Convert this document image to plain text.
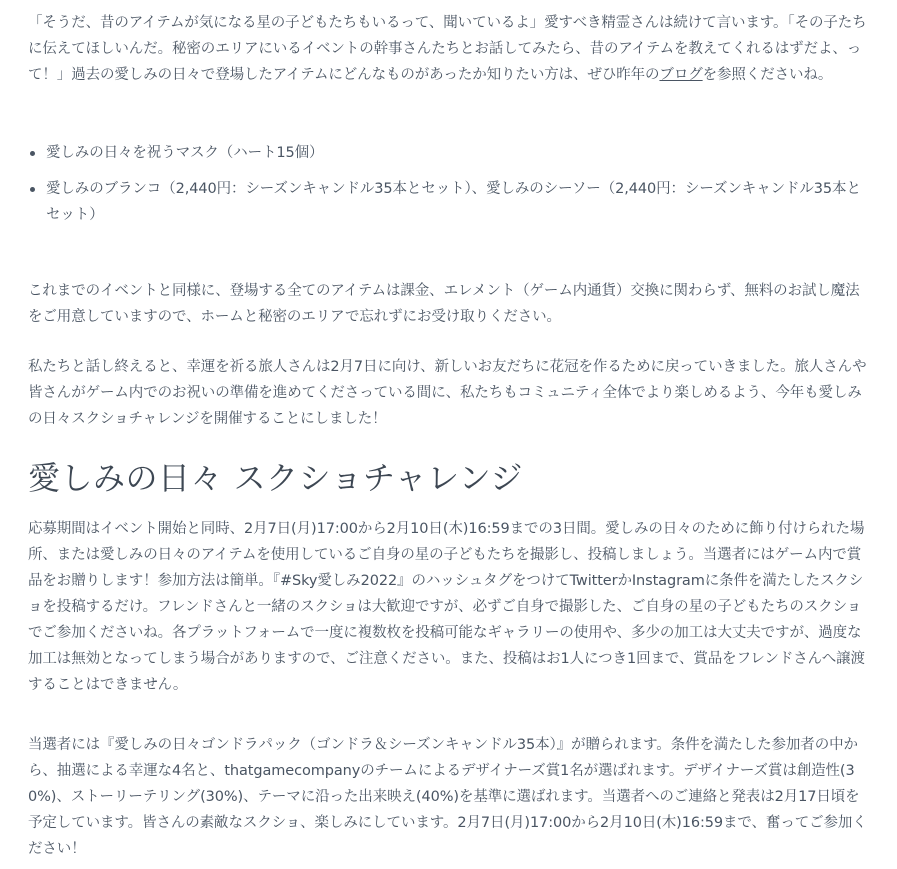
「そうだ、昔のアイテムが気になる星の子どもたちもいるって、聞いているよ」愛すべき精霊さんは続けて言います。「その子たちに伝えてほしいんだ。秘密のエリアにいるイベントの幹事さんたちとお話してみたら、昔のアイテムを教えてくれるはずだよ、って！」過去の愛しみの日々で登場したアイテムにどんなものがあったか知りたい方は、ぜひ昨年のブログを参照くださいね。

愛しみの日々を祝うマスク（ハート15個）
愛しみのブランコ（2,440円：シーズンキャンドル35本とセット）、愛しみのシーソー（2,440円：シーズンキャンドル35本とセット）

これまでのイベントと同様に、登場する全てのアイテムは課金、エレメント（ゲーム内通貨）交換に関わらず、無料のお試し魔法をご用意していますので、ホームと秘密のエリアで忘れずにお受け取りください。

私たちと話し終えると、幸運を祈る旅人さんは2月7日に向け、新しいお友だちに花冠を作るために戻っていきました。旅人さんや皆さんがゲーム内でのお祝いの準備を進めてくださっている間に、私たちもコミュニティ全体でより楽しめるよう、今年も愛しみの日々スクショチャレンジを開催することにしました！

愛しみの日々 スクショチャレンジ

応募期間はイベント開始と同時、2月7日(月)17:00から2月10日(木)16:59までの3日間。愛しみの日々のために飾り付けられた場所、または愛しみの日々のアイテムを使用しているご自身の星の子どもたちを撮影し、投稿しましょう。当選者にはゲーム内で賞品をお贈りします！参加方法は簡単。『#Sky愛しみ2022』のハッシュタグをつけてTwitterかInstagramに条件を満たしたスクショを投稿するだけ。フレンドさんと一緒のスクショは大歓迎ですが、必ずご自身で撮影した、ご自身の星の子どもたちのスクショでご参加くださいね。各プラットフォームで一度に複数枚を投稿可能なギャラリーの使用や、多少の加工は大丈夫ですが、過度な加工は無効となってしまう場合がありますので、ご注意ください。また、投稿はお1人につき1回まで、賞品をフレンドさんへ譲渡することはできません。

当選者には『愛しみの日々ゴンドラパック（ゴンドラ＆シーズンキャンドル35本）』が贈られます。条件を満たした参加者の中から、抽選による幸運な4名と、thatgamecompanyのチームによるデザイナーズ賞1名が選ばれます。デザイナーズ賞は創造性(30%)、ストーリーテリング(30%)、テーマに沿った出来映え(40%)を基準に選ばれます。当選者へのご連絡と発表は2月17日頃を予定しています。皆さんの素敵なスクショ、楽しみにしています。2月7日(月)17:00から2月10日(木)16:59まで、奮ってご参加ください！
